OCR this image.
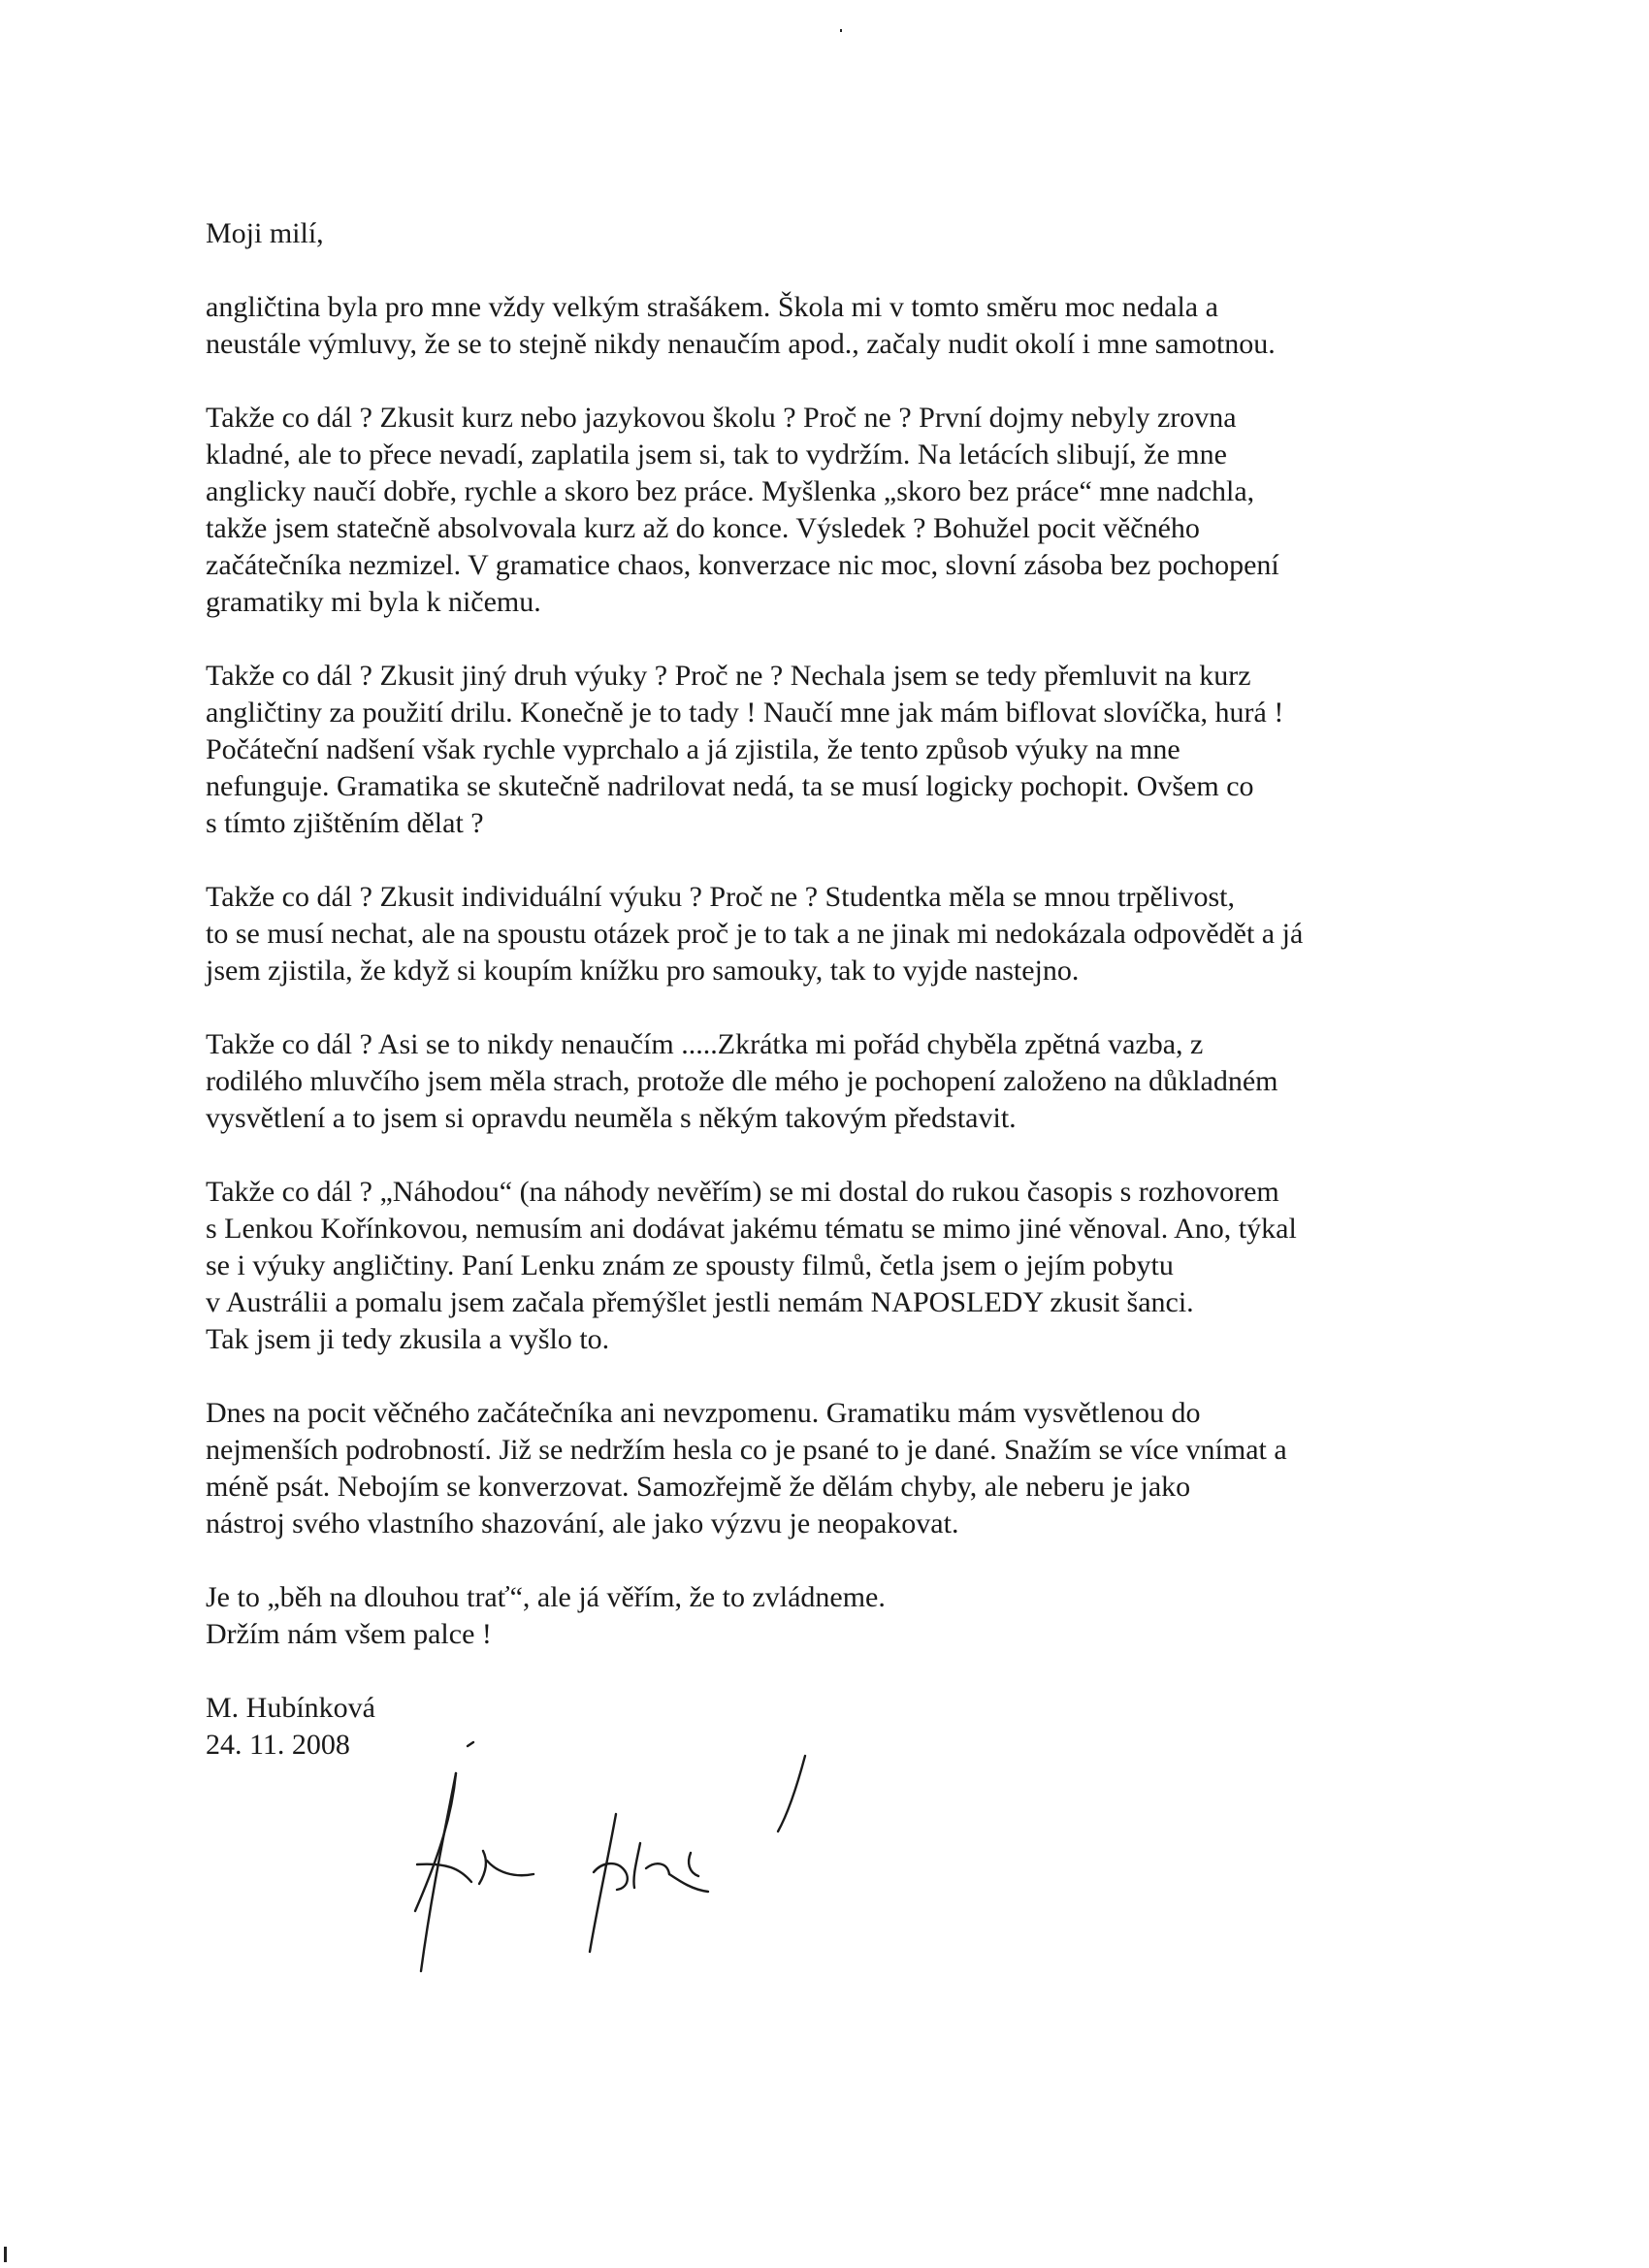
Moji milí,
angličtina byla pro mne vždy velkým strašákem. Škola mi v tomto směru moc nedala a
neustále výmluvy, že se to stejně nikdy nenaučím apod., začaly nudit okolí i mne samotnou.
Takže co dál ? Zkusit kurz nebo jazykovou školu ? Proč ne ? První dojmy nebyly zrovna
kladné, ale to přece nevadí, zaplatila jsem si, tak to vydržím. Na letácích slibují, že mne
anglicky naučí dobře, rychle a skoro bez práce. Myšlenka „skoro bez práce“ mne nadchla,
takže jsem statečně absolvovala kurz až do konce. Výsledek ? Bohužel pocit věčného
začátečníka nezmizel. V gramatice chaos, konverzace nic moc, slovní zásoba bez pochopení
gramatiky mi byla k ničemu.
Takže co dál ? Zkusit jiný druh výuky ? Proč ne ? Nechala jsem se tedy přemluvit na kurz
angličtiny za použití drilu. Konečně je to tady ! Naučí mne jak mám biflovat slovíčka, hurá !
Počáteční nadšení však rychle vyprchalo a já zjistila, že tento způsob výuky na mne
nefunguje. Gramatika se skutečně nadrilovat nedá, ta se musí logicky pochopit. Ovšem co
s tímto zjištěním dělat ?
Takže co dál ? Zkusit individuální výuku ? Proč ne ? Studentka měla se mnou trpělivost,
to se musí nechat, ale na spoustu otázek proč je to tak a ne jinak mi nedokázala odpovědět a já
jsem zjistila, že když si koupím knížku pro samouky, tak to vyjde nastejno.
Takže co dál ? Asi se to nikdy nenaučím .....Zkrátka mi pořád chyběla zpětná vazba, z
rodilého mluvčího jsem měla strach, protože dle mého je pochopení založeno na důkladném
vysvětlení a to jsem si opravdu neuměla s někým takovým představit.
Takže co dál ? „Náhodou“ (na náhody nevěřím) se mi dostal do rukou časopis s rozhovorem
s Lenkou Kořínkovou, nemusím ani dodávat jakému tématu se mimo jiné věnoval. Ano, týkal
se i výuky angličtiny. Paní Lenku znám ze spousty filmů, četla jsem o jejím pobytu
v Austrálii a pomalu jsem začala přemýšlet jestli nemám NAPOSLEDY zkusit šanci.
Tak jsem ji tedy zkusila a vyšlo to.
Dnes na pocit věčného začátečníka ani nevzpomenu. Gramatiku mám vysvětlenou do
nejmenších podrobností. Již se nedržím hesla co je psané to je dané. Snažím se více vnímat a
méně psát. Nebojím se konverzovat. Samozřejmě že dělám chyby, ale neberu je jako
nástroj svého vlastního shazování, ale jako výzvu je neopakovat.
Je to „běh na dlouhou trať“, ale já věřím, že to zvládneme.
Držím nám všem palce !
M. Hubínková
24. 11. 2008
